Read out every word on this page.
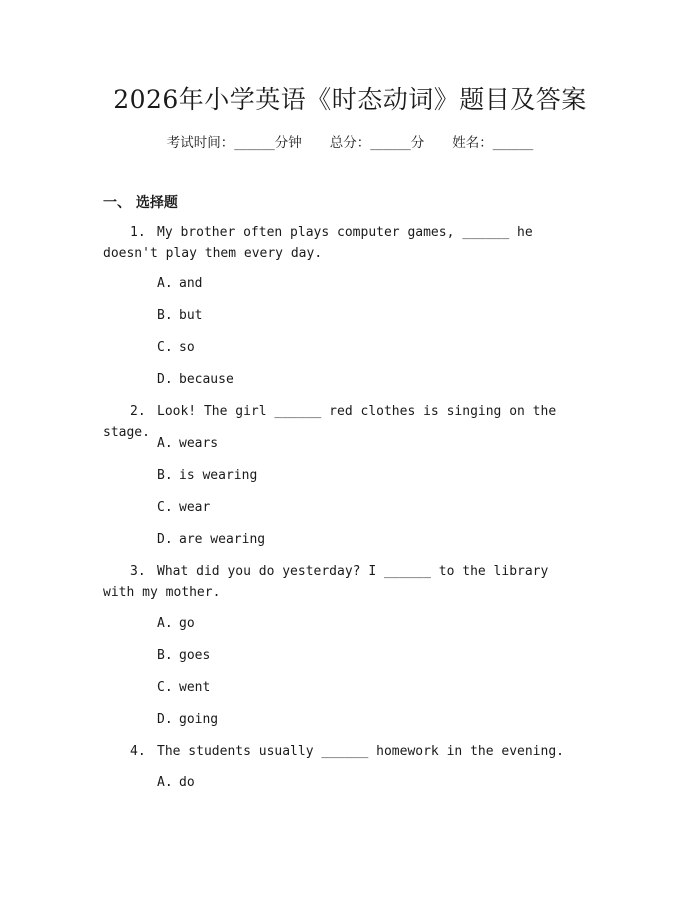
2026年小学英语《时态动词》题目及答案
考试时间：______分钟 总分：______分 姓名：______
一、 选择题
1. My brother often plays computer games, ______ he doesn't play them every day.
A. and
B. but
C. so
D. because
2. Look! The girl ______ red clothes is singing on the stage.
A. wears
B. is wearing
C. wear
D. are wearing
3. What did you do yesterday? I ______ to the library with my mother.
A. go
B. goes
C. went
D. going
4. The students usually ______ homework in the evening.
A. do
